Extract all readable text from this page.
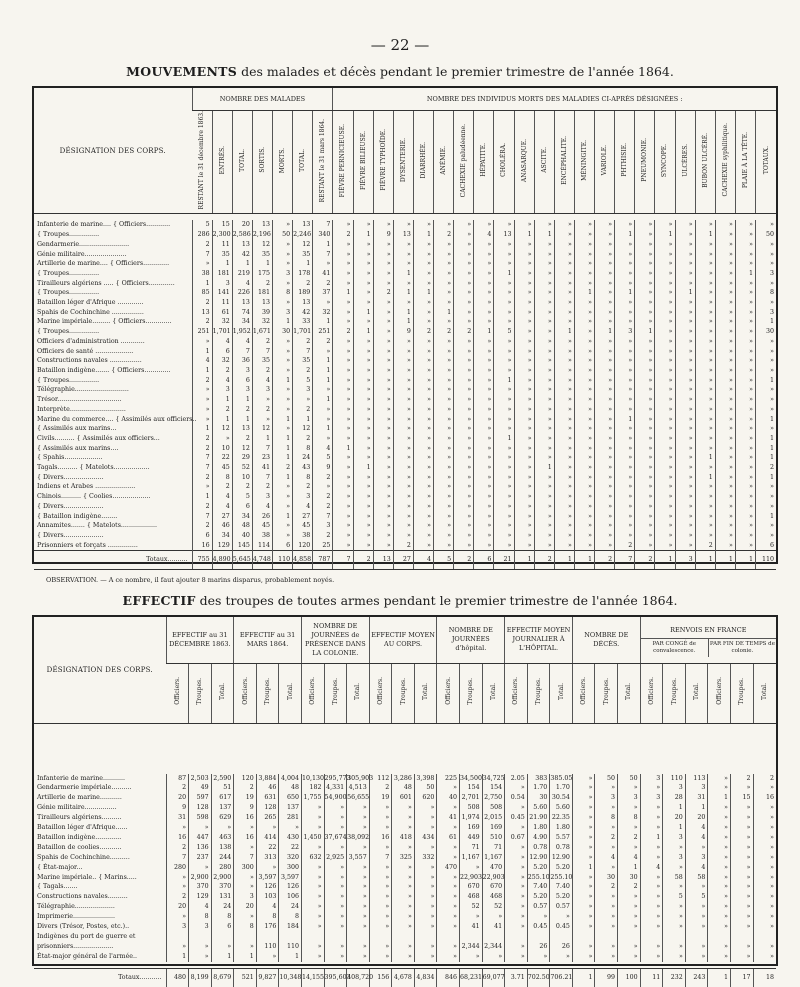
— 22 —
MOUVEMENTS des malades et décès pendant le premier trimestre de l'année 1864.
DÉSIGNATION DES CORPS.	NOMBRE DES MALADES							NOMBRE DES INDIVIDUS MORTS DES MALADIES CI-APRÈS DÉSIGNÉES :																					
	RESTANT le 31 décembre 1863.	ENTRÉS.	TOTAL.	SORTIS.	MORTS.	TOTAL.	RESTANT le 31 mars 1864.	FIÈVRE PERNICIEUSE.	FIÈVRE BILIEUSE.	FIÈVRE TYPHOÏDE.	DYSENTERIE.	DIARRHÉE.	ANÉMIE.	CACHEXIE paludéenne.	HÉPATITE.	CHOLÉRA.	ANASARQUE.	ASCITE.	ENCÉPHALITE.	MÉNINGITE.	VARIOLE.	PHTHISIE.	PNEUMONIE.	SYNCOPE.	ULCÈRES.	BUBON ULCÉRÉ.	CACHEXIE syphilitique.	PLAIE À LA TÊTE.	TOTAUX.

Infanterie de marine.... { Officiers............	5	15	20	13	»	13	7	»	»	»	»	»	»	»	»	»	»	»	»	»	»	»	»	»	»	»	»	»	»
{ Troupes...............	286	2,300	2,586	2,196	50	2,246	340	2	1	9	13	1	2	»	4	13	1	1	»	»	»	1	»	1	»	1	»	»	50
Gendarmerie.........................	2	11	13	12	»	12	1	»	»	»	»	»	»	»	»	»	»	»	»	»	»	»	»	»	»	»	»	»	»
Génie militaire.....................	7	35	42	35	»	35	7	»	»	»	»	»	»	»	»	»	»	»	»	»	»	»	»	»	»	»	»	»	»
Artillerie de marine.... { Officiers.............	»	1	1	1	»	1	»	»	»	»	»	»	»	»	»	»	»	»	»	»	»	»	»	»	»	»	»	»	»
{ Troupes...............	38	181	219	175	3	178	41	»	»	»	1	»	»	»	»	1	»	»	»	»	»	»	»	»	»	»	»	1	3
Tirailleurs algériens ..... { Officiers.............	1	3	4	2	»	2	2	»	»	»	»	»	»	»	»	»	»	»	»	»	»	»	»	»	»	»	»	»	»
{ Troupes...............	85	141	226	181	8	189	37	1	»	2	1	1	»	»	»	»	»	»	»	1	»	1	»	»	1	»	»	»	8
Bataillon léger d'Afrique .............	2	11	13	13	»	13	»	»	»	»	»	»	»	»	»	»	»	»	»	»	»	»	»	»	»	»	»	»	»
Spahis de Cochinchine ................	13	61	74	39	3	42	32	»	1	»	1	»	1	»	»	»	»	»	»	»	»	»	»	»	»	»	»	»	3
Marine impériale......... { Officiers.............	2	32	34	32	1	33	1	»	»	»	1	»	»	»	»	»	»	»	»	»	»	»	»	»	»	»	»	»	1
{ Troupes...............	251	1,701	1,952	1,671	30	1,701	251	2	1	»	9	2	2	2	1	5	»	»	1	»	1	3	1	»	»	»	»	»	30
Officiers d'administration ............	»	4	4	2	»	2	2	»	»	»	»	»	»	»	»	»	»	»	»	»	»	»	»	»	»	»	»	»	»
Officiers de santé ...................	1	6	7	7	»	7	»	»	»	»	»	»	»	»	»	»	»	»	»	»	»	»	»	»	»	»	»	»	»
Constructions navales ................	4	32	36	35	»	35	1	»	»	»	»	»	»	»	»	»	»	»	»	»	»	»	»	»	»	»	»	»	»
Bataillon indigène....... { Officiers.............	1	2	3	2	»	2	1	»	»	»	»	»	»	»	»	»	»	»	»	»	»	»	»	»	»	»	»	»	»
{ Troupes...............	2	4	6	4	1	5	1	»	»	»	»	»	»	»	»	1	»	»	»	»	»	»	»	»	»	»	»	»	1
Télégraphie...........................	»	3	3	3	»	3	»	»	»	»	»	»	»	»	»	»	»	»	»	»	»	»	»	»	»	»	»	»	»
Trésor................................	»	1	1	»	»	»	1	»	»	»	»	»	»	»	»	»	»	»	»	»	»	»	»	»	»	»	»	»	»
Interprète............................	»	2	2	2	»	2	»	»	»	»	»	»	»	»	»	»	»	»	»	»	»	»	»	»	»	»	»	»	»
Marine du commerce.... { Assimilés aux officiers..	»	1	1	»	1	1	»	»	»	»	»	»	»	»	»	»	»	»	»	»	»	1	»	»	»	»	»	»	1
{ Assimilés aux marins...	1	12	13	12	»	12	1	»	»	»	»	»	»	»	»	»	»	»	»	»	»	»	»	»	»	»	»	»	»
Civils.......... { Assimilés aux officiers...	2	»	2	1	1	2	»	»	»	»	»	»	»	»	»	1	»	»	»	»	»	»	»	»	»	»	»	»	1
{ Assimilés aux marins....	2	10	12	7	1	8	4	1	»	»	»	»	»	»	»	»	»	»	»	»	»	»	»	»	»	»	»	»	1
{ Spahis...................	7	22	29	23	1	24	5	»	»	»	»	»	»	»	»	»	»	»	»	»	»	»	»	»	»	1	»	»	1
Tagals.......... { Matelots..................	7	45	52	41	2	43	9	»	1	»	»	»	»	»	»	»	»	1	»	»	»	»	»	»	»	»	»	»	2
{ Divers....................	2	8	10	7	1	8	2	»	»	»	»	»	»	»	»	»	»	»	»	»	»	»	»	»	»	1	»	»	1
Indiens et Arabes ....................	»	2	2	2	»	2	»	»	»	»	»	»	»	»	»	»	»	»	»	»	»	»	»	»	»	»	»	»	»
Chinois.......... { Coolies...................	1	4	5	3	»	3	2	»	»	»	»	»	»	»	»	»	»	»	»	»	»	»	»	»	»	»	»	»	»
{ Divers....................	2	4	6	4	»	4	2	»	»	»	»	»	»	»	»	»	»	»	»	»	»	»	»	»	»	»	»	»	»
{ Bataillon indigène........	7	27	34	26	1	27	7	»	»	»	»	»	»	»	»	»	»	»	»	»	»	»	»	»	»	»	»	»	1
Annamites....... { Matelots..................	2	46	48	45	»	45	3	»	»	»	»	»	»	»	»	»	»	»	»	»	»	»	»	»	»	»	»	»	»
{ Divers....................	6	34	40	38	»	38	2	»	»	»	»	»	»	»	»	»	»	»	»	»	»	»	»	»	»	»	»	»	»
Prisonniers et forçats ...............	16	129	145	114	6	120	25	»	»	»	2	»	»	»	»	»	»	»	»	»	»	2	»	»	»	2	»	»	6
Totaux..........	755	4,890	5,645	4,748	110	4,858	787	7	2	13	27	4	5	2	6	21	1	2	1	1	2	7	2	1	3	1	1	1	110
OBSERVATION. — A ce nombre, il faut ajouter 8 marins disparus, probablement noyés.
EFFECTIF des troupes de toutes armes pendant le premier trimestre de l'année 1864.
DÉSIGNATION DES CORPS.	EFFECTIF au 31 DÉCEMBRE 1863.			EFFECTIF au 31 MARS 1864.			NOMBRE DE JOURNÉES de PRÉSENCE DANS LA COLONIE.			EFFECTIF MOYEN AU CORPS.			NOMBRE DE JOURNÉES d'hôpital.			EFFECTIF MOYEN JOURNALIER À L'HÔPITAL.			NOMBRE DE DÉCÈS.			RENVOIS EN FRANCE
PAR CONGÉ de convalescence.
PAR FIN DE TEMPS de colonie.					

	Officiers.	Troupes.	Total.	Officiers.	Troupes.	Total.	Officiers.	Troupes.	Total.	Officiers.	Troupes.	Total.	Officiers.	Troupes.	Total.	Officiers.	Troupes.	Total.	Officiers.	Troupes.	Total.	Officiers.	Troupes.	Total.	Officiers.	Troupes.	Total.

Infanterie de marine...........	87	2,503	2,590	120	3,884	4,004	10,130	295,773	305,903	112	3,286	3,398	225	34,500	34,725	2.05	383	385.05	»	50	50	3	110	113	»	2	2
Gendarmerie impériale..........	2	49	51	2	46	48	182	4,331	4,513	2	48	50	»	154	154	»	1.70	1.70	»	»	»	»	3	3	»	»	»
Artillerie de marine...........	20	597	617	19	631	650	1,755	54,900	56,655	19	601	620	40	2,701	2,750	0.54	30	30.54	»	3	3	3	28	31	1	15	16
Génie militaire................	9	128	137	9	128	137	»	»	»	»	»	»	»	508	508	»	5.60	5.60	»	»	»	»	1	1	»	»	»
Tirailleurs algériens..........	31	598	629	16	265	281	»	»	»	»	»	»	41	1,974	2,015	0.45	21.90	22.35	»	8	8	»	20	20	»	»	»
Bataillon léger d'Afrique......	»	»	»	»	»	»	»	»	»	»	»	»	»	169	169	»	1.80	1.80	»	»	»	»	1	4	»	»	»
Bataillon indigène.............	16	447	463	16	414	430	1,450	37,674	38,092	16	418	434	61	449	510	0.67	4.90	5.57	»	2	2	1	3	4	»	»	»
Bataillon de coolies...........	2	136	138	»	22	22	»	»	»	»	»	»	»	71	71	»	0.78	0.78	»	»	»	»	»	»	»	»	»
Spahis de Cochinchine..........	7	237	244	7	313	320	632	2,925	3,557	7	325	332	»	1,167	1,167	»	12.90	12.90	»	4	4	»	3	3	»	»	»
{ État-major...	280	»	280	300	»	300	»	»	»	»	»	»	470	»	470	»	5.20	5.20	1	»	1	4	»	4	»	»	»
Marine impériale.. { Marins.....	»	2,900	2,900	»	3,597	3,597	»	»	»	»	»	»	»	22,903	22,903	»	255.10	255.10	»	30	30	»	58	58	»	»	»
{ Tagals.......	»	370	370	»	126	126	»	»	»	»	»	»	»	670	670	»	7.40	7.40	»	2	2	»	»	»	»	»	»
Constructions navales..........	2	129	131	3	103	106	»	»	»	»	»	»	»	468	468	»	5.20	5.20	»	»	»	»	5	5	»	»	»
Télégraphie....................	20	4	24	20	4	24	»	»	»	»	»	»	»	52	52	»	0.57	0.57	»	»	»	»	»	»	»	»	»
Imprimerie.....................	»	8	8	»	8	8	»	»	»	»	»	»	»	»	»	»	»	»	»	»	»	»	»	»	»	»	»
Divers (Trésor, Postes, etc.)..	3	3	6	8	176	184	»	»	»	»	»	»	»	41	41	»	0.45	0.45	»	»	»	»	»	»	»	»	»
Indigènes du port de guerre et																											
prisonniers....................	»	»	»	»	110	110	»	»	»	»	»	»	»	2,344	2,344	»	26	26	»	»	»	»	»	»	»	»	»
État-major général de l'armée..	1	»	1	1	»	1	»	»	»	»	»	»	»	»	»	»	»	»	»	»	»	»	»	»	»	»	»

Totaux...........	480	8,199	8,679	521	9,827	10,348	14,155	395,603	408,720	156	4,678	4,834	846	68,231	69,077	3.71	702.50	706.21	1	99	100	11	232	243	1	17	18
